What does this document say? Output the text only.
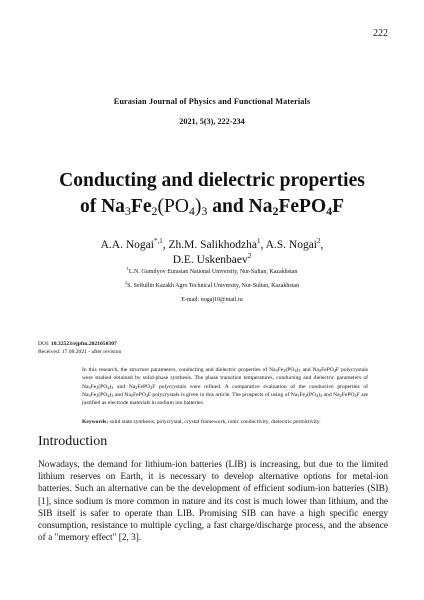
222
Eurasian Journal of Physics and Functional Materials
2021, 5(3), 222-234
Conducting and dielectric properties
of $Na_3Fe_2(PO_4)_3$ and $Na_2FePO_4F$
A.A. Nogai$^{*,1}$, Zh.M. Salikhodzha$^1$, A.S. Nogai$^2$,
D.E. Uskenbaev$^2$
$^1$L.N. Gumilyov Eurasian National University, Nur-Sultan, Kazakhstan
$^2$S. Seifullin Kazakh Agro Technical University, Nur-Sultan, Kazakhstan
E-mail: nogaj10@mail.ru
DOI: 10.32523/ejpfm.2021050307
Received: 17.08.2021 - after revision
In this research, the structure parameters, conducting and dielectric properties of $Na_3Fe_2(PO_4)_3$ and $Na_2FePO_4F$ polycrystals were studied obtained by solid-phase synthesis. The phase transition temperatures, conducting and dielectric parameters of $Na_3Fe_2(PO_4)_3$ and $Na_2FePO_4F$ polycrystals were refined. A comparative evaluation of the conductive properties of $Na_3Fe_2(PO_4)_3$ and $Na_2FePO_4F$ polycrystals is given in this article. The prospects of using of $Na_3Fe_2(PO_4)_3$ and $Na_2FePO_4F$ are justified as electrode materials in sodium ion batteries.
Keywords: solid state synthesis, polycrystal, crystal framework, ionic conductivity, dielectric permittivity.
Introduction

Nowadays, the demand for lithium-ion batteries (LIB) is increasing, but due to the limited lithium reserves on Earth, it is necessary to develop alternative options for metal-ion batteries. Such an alternative can be the development of efficient sodium-ion batteries (SIB) [1], since sodium is more common in nature and its cost is much lower than lithium, and the SIB itself is safer to operate than LIB. Promising SIB can have a high specific energy consumption, resistance to multiple cycling, a fast charge/discharge process, and the absence of a "memory effect" [2, 3].
